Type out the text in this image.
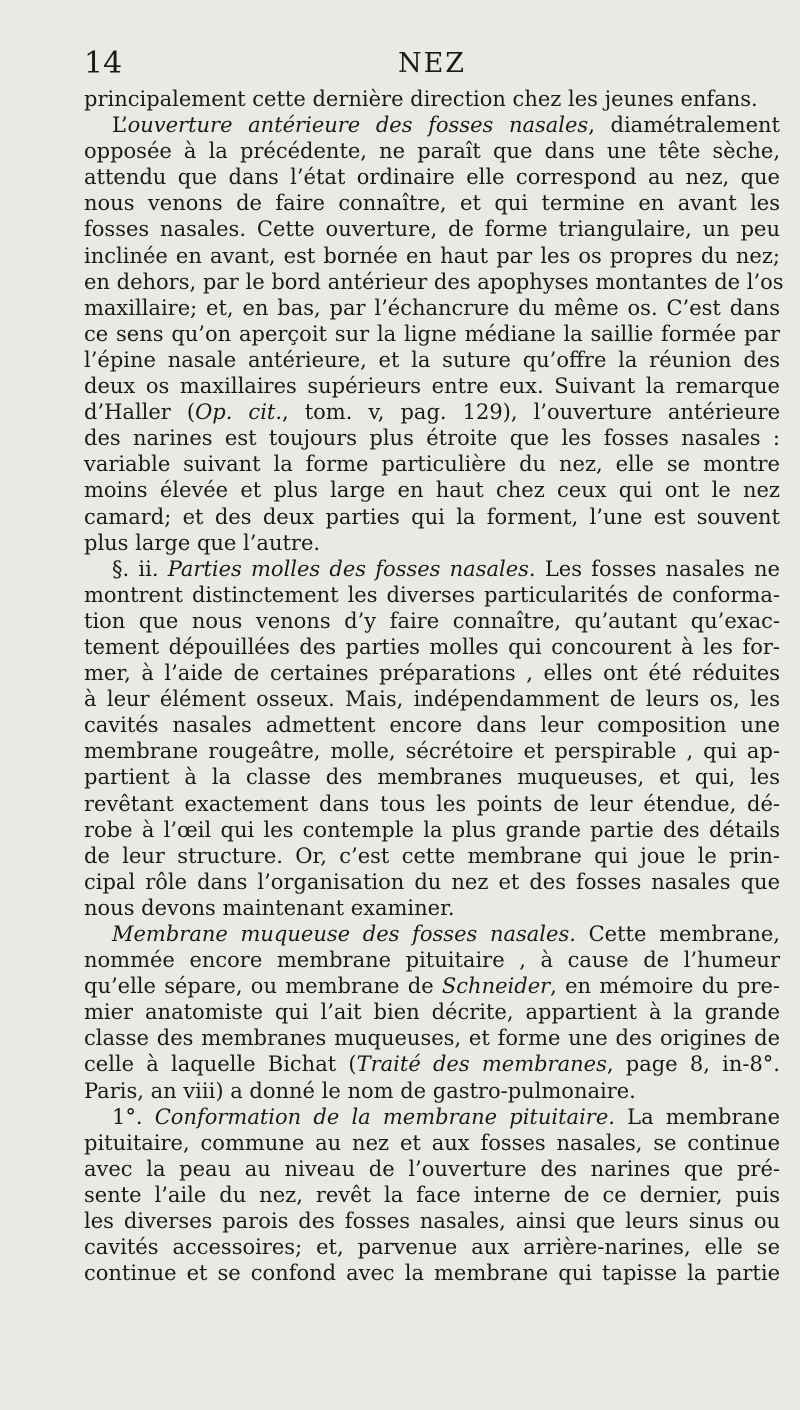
14	NEZ
principalement cette dernière direction chez les jeunes enfans.
L’ouverture antérieure des fosses nasales, diamétralement
opposée à la précédente, ne paraît que dans une tête sèche,
attendu que dans l’état ordinaire elle correspond au nez, que
nous venons de faire connaître, et qui termine en avant les
fosses nasales. Cette ouverture, de forme triangulaire, un peu
inclinée en avant, est bornée en haut par les os propres du nez;
en dehors, par le bord antérieur des apophyses montantes de l’os
maxillaire; et, en bas, par l’échancrure du même os. C’est dans
ce sens qu’on aperçoit sur la ligne médiane la saillie formée par
l’épine nasale antérieure, et la suture qu’offre la réunion des
deux os maxillaires supérieurs entre eux. Suivant la remarque
d’Haller (Op. cit., tom. v, pag. 129), l’ouverture antérieure
des narines est toujours plus étroite que les fosses nasales :
variable suivant la forme particulière du nez, elle se montre
moins élevée et plus large en haut chez ceux qui ont le nez
camard; et des deux parties qui la forment, l’une est souvent
plus large que l’autre.
§. ii. Parties molles des fosses nasales. Les fosses nasales ne
montrent distinctement les diverses particularités de conforma-
tion que nous venons d’y faire connaître, qu’autant qu’exac-
tement dépouillées des parties molles qui concourent à les for-
mer, à l’aide de certaines préparations , elles ont été réduites
à leur élément osseux. Mais, indépendamment de leurs os, les
cavités nasales admettent encore dans leur composition une
membrane rougeâtre, molle, sécrétoire et perspirable , qui ap-
partient à la classe des membranes muqueuses, et qui, les
revêtant exactement dans tous les points de leur étendue, dé-
robe à l’œil qui les contemple la plus grande partie des détails
de leur structure. Or, c’est cette membrane qui joue le prin-
cipal rôle dans l’organisation du nez et des fosses nasales que
nous devons maintenant examiner.
Membrane muqueuse des fosses nasales. Cette membrane,
nommée encore membrane pituitaire , à cause de l’humeur
qu’elle sépare, ou membrane de Schneider, en mémoire du pre-
mier anatomiste qui l’ait bien décrite, appartient à la grande
classe des membranes muqueuses, et forme une des origines de
celle à laquelle Bichat (Traité des membranes, page 8, in-8°.
Paris, an viii) a donné le nom de gastro-pulmonaire.
1°. Conformation de la membrane pituitaire. La membrane
pituitaire, commune au nez et aux fosses nasales, se continue
avec la peau au niveau de l’ouverture des narines que pré-
sente l’aile du nez, revêt la face interne de ce dernier, puis
les diverses parois des fosses nasales, ainsi que leurs sinus ou
cavités accessoires; et, parvenue aux arrière-narines, elle se
continue et se confond avec la membrane qui tapisse la partie
